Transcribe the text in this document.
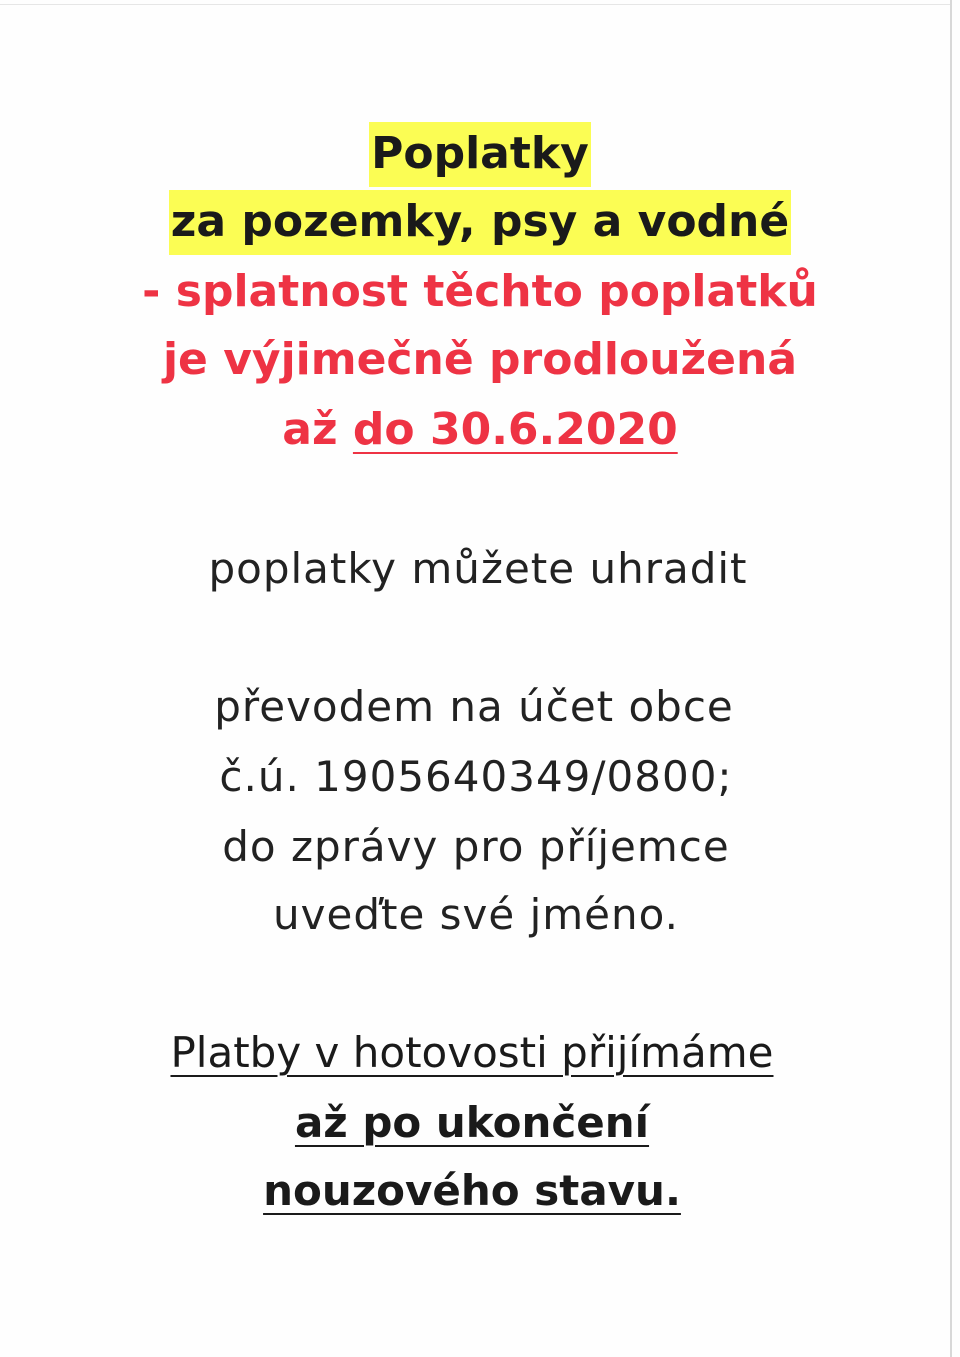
Poplatky
za pozemky, psy a vodné
- splatnost těchto poplatků
je výjimečně prodloužená
až do 30.6.2020
poplatky můžete uhradit
převodem na účet obce
č.ú. 1905640349/0800;
do zprávy pro příjemce
uveďte své jméno.
Platby v hotovosti přijímáme
až po ukončení
nouzového stavu.
